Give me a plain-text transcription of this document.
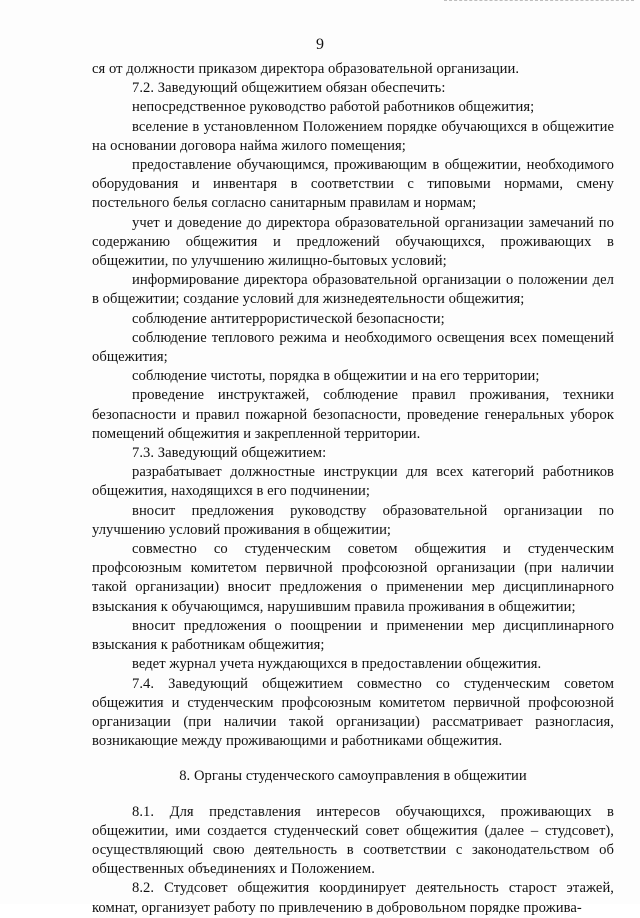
9

ся от должности приказом директора образовательной организации.

7.2. Заведующий общежитием обязан обеспечить:

непосредственное руководство работой работников общежития;

вселение в установленном Положением порядке обучающихся в общежитие на основании договора найма жилого помещения;

предоставление обучающимся, проживающим в общежитии, необходимого оборудования и инвентаря в соответствии с типовыми нормами, смену постельного белья согласно санитарным правилам и нормам;

учет и доведение до директора образовательной организации замечаний по содержанию общежития и предложений обучающихся, проживающих в общежитии, по улучшению жилищно-бытовых условий;

информирование директора образовательной организации о положении дел в общежитии; создание условий для жизнедеятельности общежития;

соблюдение антитеррористической безопасности;

соблюдение теплового режима и необходимого освещения всех помещений общежития;

соблюдение чистоты, порядка в общежитии и на его территории;

проведение инструктажей, соблюдение правил проживания, техники безопасности и правил пожарной безопасности, проведение генеральных уборок помещений общежития и закрепленной территории.

7.3. Заведующий общежитием:

разрабатывает должностные инструкции для всех категорий работников общежития, находящихся в его подчинении;

вносит предложения руководству образовательной организации по улучшению условий проживания в общежитии;

совместно со студенческим советом общежития и студенческим профсоюзным комитетом первичной профсоюзной организации (при наличии такой организации) вносит предложения о применении мер дисциплинарного взыскания к обучающимся, нарушившим правила проживания в общежитии;

вносит предложения о поощрении и применении мер дисциплинарного взыскания к работникам общежития;

ведет журнал учета нуждающихся в предоставлении общежития.

7.4. Заведующий общежитием совместно со студенческим советом общежития и студенческим профсоюзным комитетом первичной профсоюзной организации (при наличии такой организации) рассматривает разногласия, возникающие между проживающими и работниками общежития.

8. Органы студенческого самоуправления в общежитии

8.1. Для представления интересов обучающихся, проживающих в общежитии, ими создается студенческий совет общежития (далее – студсовет), осуществляющий свою деятельность в соответствии с законодательством об общественных объединениях и Положением.

8.2. Студсовет общежития координирует деятельность старост этажей, комнат, организует работу по привлечению в добровольном порядке прожива-
